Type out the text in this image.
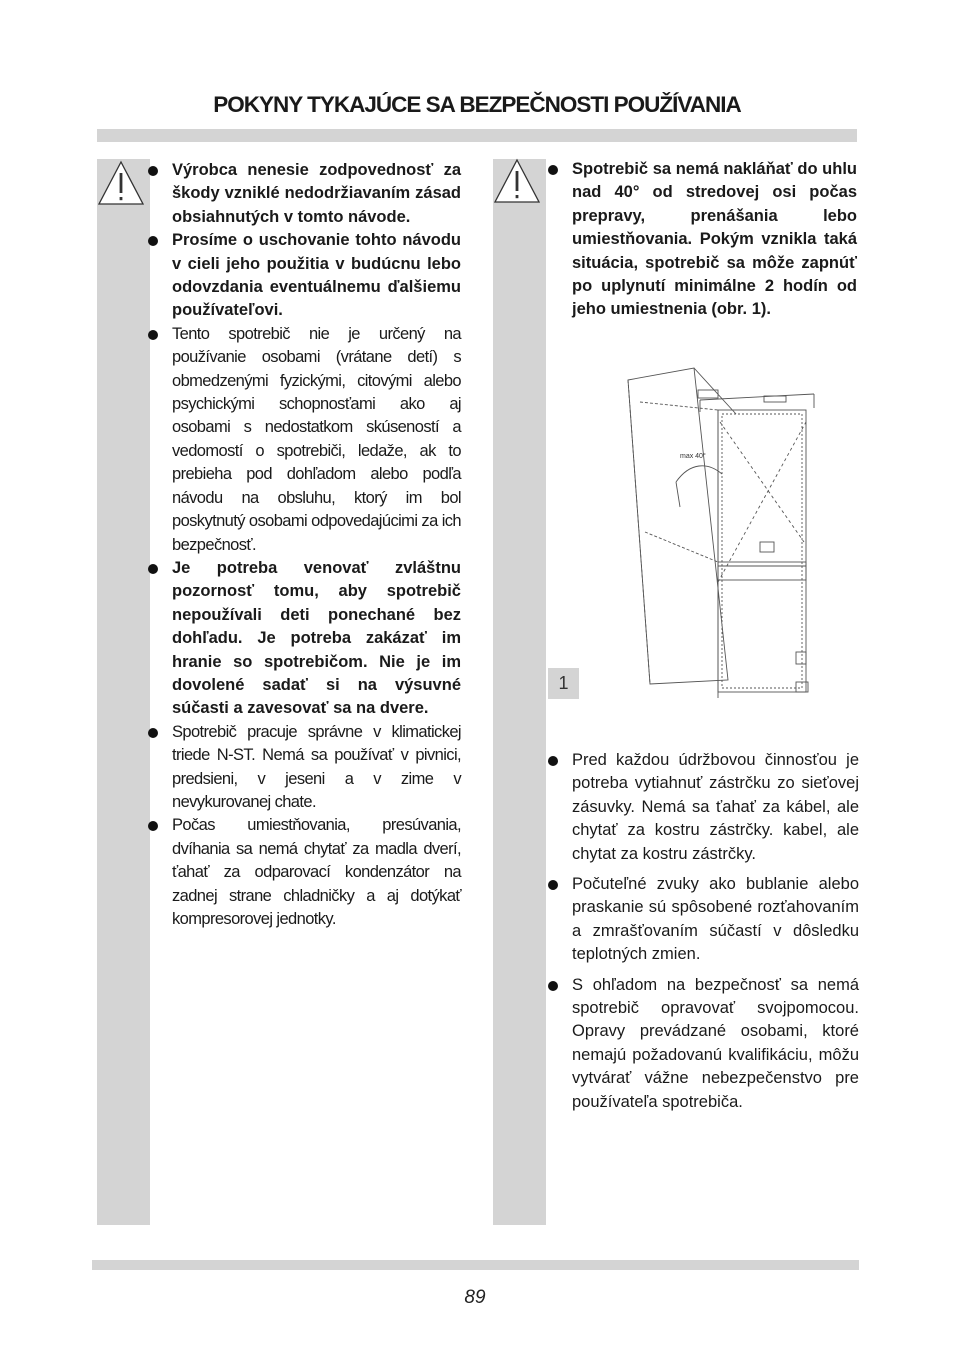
POKYNY TYKAJÚCE SA BEZPEČNOSTI POUŽÍVANIA
Výrobca nenesie zodpovednosť za škody vzniklé nedodržiavaním zásad obsiahnutých v tomto návode.
Prosíme o uschovanie tohto návodu v cieli jeho použitia v budúcnu lebo odovzdania eventuálnemu ďalšiemu používateľovi.
Tento spotrebič nie je určený na používanie osobami (vrátane detí) s obmedzenými fyzickými, citovými alebo psychickými schopnosťami ako aj osobami s nedostatkom skúseností a vedomostí o spotrebiči, ledaže, ak to prebieha pod dohľadom alebo podľa návodu na obsluhu, ktorý im bol poskytnutý osobami odpovedajúcimi za ich bezpečnosť.
Je potreba venovať zvláštnu pozornosť tomu, aby spotrebič nepoužívali deti ponechané bez dohľadu. Je potreba zakázať im hranie so spotrebičom. Nie je im dovolené sadať si na výsuvné súčasti a zavesovať sa na dvere.
Spotrebič pracuje správne v klimatickej triede N-ST. Nemá sa používať v pivnici, predsieni, v jeseni a v zime v nevykurovanej chate.
Počas umiestňovania, presúvania, dvíhania sa nemá chytať za madla dverí, ťahať za odparovací kondenzátor na zadnej strane chladničky a aj dotýkať kompresorovej jednotky.
Spotrebič sa nemá nakláňať do uhlu nad 40° od stredovej osi počas prepravy, prenášania lebo umiestňovania. Pokým vznikla taká situácia, spotrebič sa môže zapnúť po uplynutí minimálne 2 hodín od jeho umiestnenia (obr. 1).
max 40°
1
Pred každou údržbovou činnosťou je potreba vytiahnuť zástrčku zo sieťovej zásuvky. Nemá sa ťahať za kábel, ale chytať za kostru zástrčky. kabel, ale chytat za kostru zástrčky.
Počuteľné zvuky ako bublanie alebo praskanie sú spôsobené rozťahovaním a zmrašťovaním súčastí v dôsledku teplotných zmien.
S ohľadom na bezpečnosť sa nemá spotrebič opravovať svojpomocou. Opravy prevádzané osobami, ktoré nemajú požadovanú kvalifikáciu, môžu vytvárať vážne nebezpečenstvo pre používateľa spotrebiča.
89
